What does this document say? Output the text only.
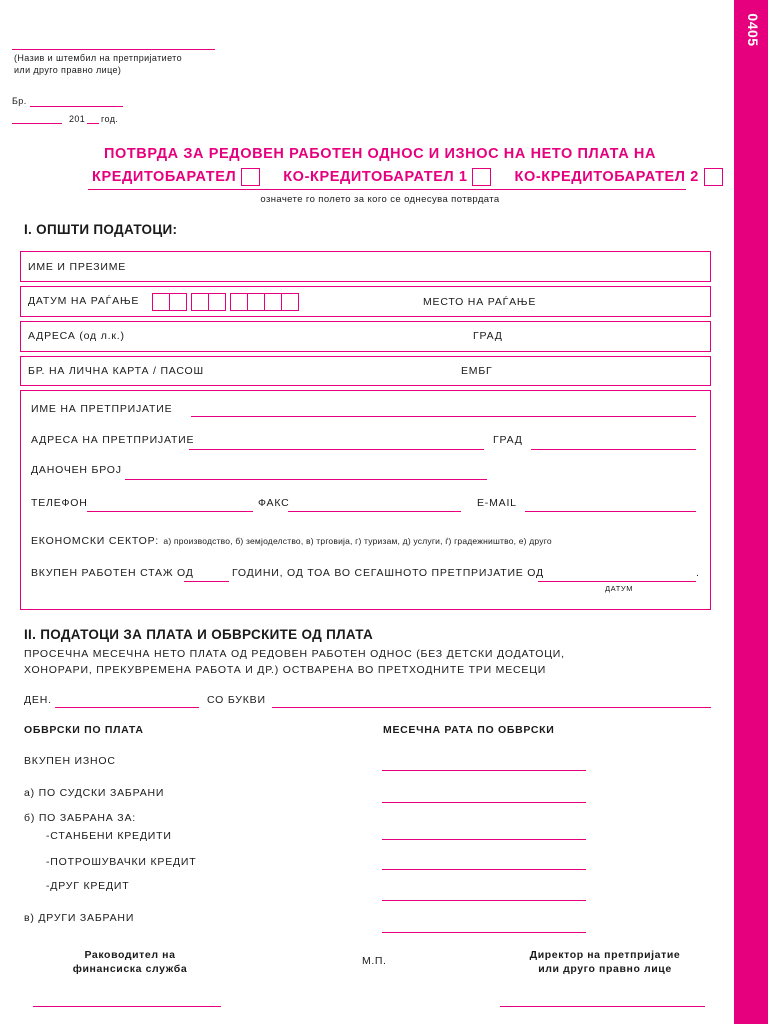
0405
(Назив и штембил на претпријатието
или друго правно лице)
Бр.
201 год.
ПОТВРДА ЗА РЕДОВЕН РАБОТЕН ОДНОС И ИЗНОС НА НЕТО ПЛАТА НА
КРЕДИТОБАРАТЕЛ	КО-КРЕДИТОБАРАТЕЛ 1	КО-КРЕДИТОБАРАТЕЛ 2
означете го полето за кого се однесува потврдата
I. ОПШТИ ПОДАТОЦИ:
ИМЕ И ПРЕЗИМЕ
ДАТУМ НА РАЃАЊЕ	МЕСТО НА РАЃАЊЕ
АДРЕСА (од л.к.)	ГРАД
БР. НА ЛИЧНА КАРТА / ПАСОШ	ЕМБГ
ИМЕ НА ПРЕТПРИЈАТИЕ
АДРЕСА НА ПРЕТПРИЈАТИЕ	ГРАД
ДАНОЧЕН БРОЈ
ТЕЛЕФОН	ФАКС	E-MAIL
ЕКОНОМСКИ СЕКТОР: а) производство, б) земјоделство, в) трговија, г) туризам, д) услуги, ѓ) градежништво, е) друго
ВКУПЕН РАБОТЕН СТАЖ ОД	ГОДИНИ, ОД ТОА ВО СЕГАШНОТО ПРЕТПРИЈАТИЕ ОД	.
ДАТУМ
II. ПОДАТОЦИ ЗА ПЛАТА И ОБВРСКИТЕ ОД ПЛАТА
ПРОСЕЧНА МЕСЕЧНА НЕТО ПЛАТА ОД РЕДОВЕН РАБОТЕН ОДНОС (БЕЗ ДЕТСКИ ДОДАТОЦИ,
ХОНОРАРИ, ПРЕКУВРЕМЕНА РАБОТА И ДР.) ОСТВАРЕНА ВО ПРЕТХОДНИТЕ ТРИ МЕСЕЦИ
ДЕН.	СО БУКВИ
ОБВРСКИ ПО ПЛАТА	МЕСЕЧНА РАТА ПО ОБВРСКИ
ВКУПЕН ИЗНОС
а) ПО СУДСКИ ЗАБРАНИ
б) ПО ЗАБРАНА ЗА:
-СТАНБЕНИ КРЕДИТИ
-ПОТРОШУВАЧКИ КРЕДИТ
-ДРУГ КРЕДИТ
в) ДРУГИ ЗАБРАНИ
Раководител на
финансиска служба
М.П.	Директор на претпријатие
или друго правно лице
